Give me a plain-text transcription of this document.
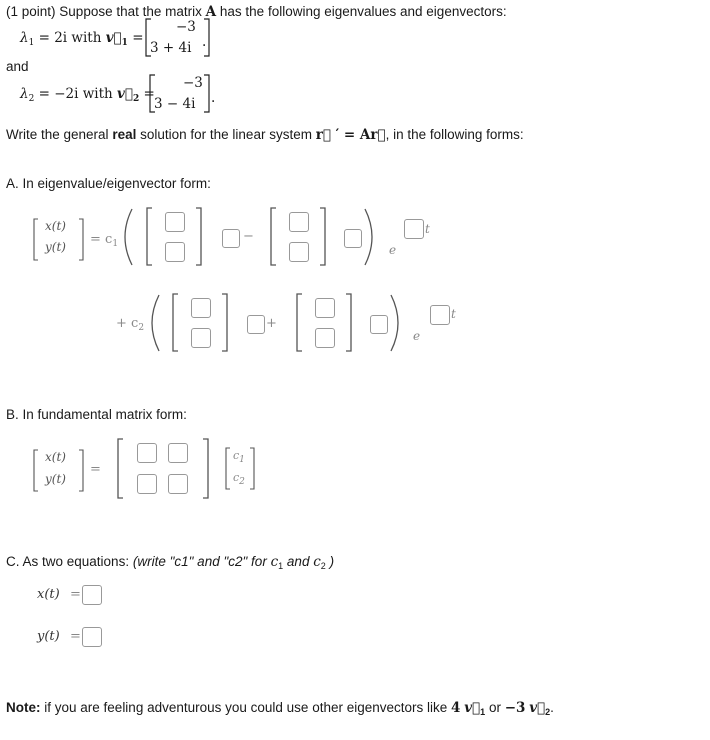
(1 point) Suppose that the matrix A has the following eigenvalues and eigenvectors:
$\lambda_1 = 2i$ with $v⃗_1$ =
−3
3 + 4i .
and
$\lambda_2 = -2i$ with $v⃗_2$ =
−3
3 − 4i .
Write the general real solution for the linear system r⃗ ′ = Ar⃗, in the following forms:
A. In eigenvalue/eigenvector form:
x(t)
$y(t) = c_1$	−
e
t
+ $c_2$	+
e
t
B. In fundamental matrix form:
x(t)
y(t)
=
$c_1$
$c_2$
C. As two equations: (write "c1" and "c2" for $c_1$ and $c_2$ )
x(t) =
y(t) =
Note: if you are feeling adventurous you could use other eigenvectors like 4 $v⃗_1$ or −3 $v⃗_2$.
